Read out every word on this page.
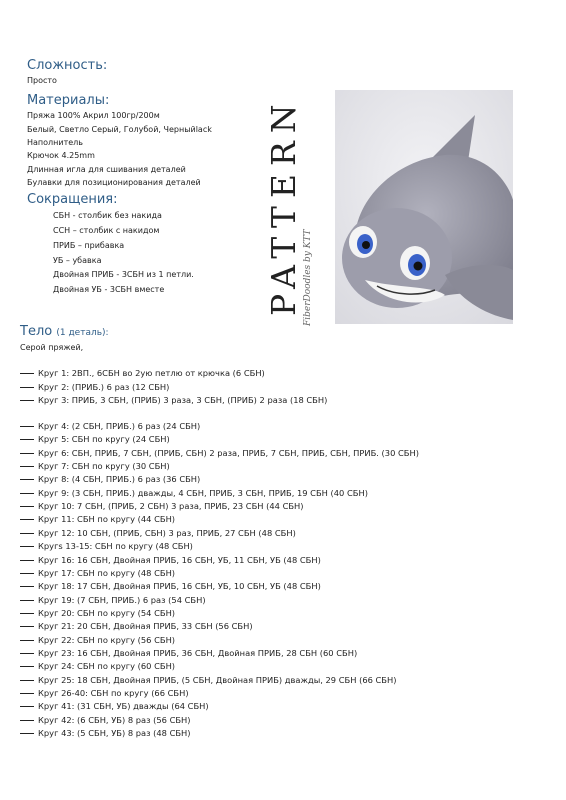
Сложность:
Просто
Материалы:
Пряжа 100% Акрил 100гр/200м
Белый, Светло Серый, Голубой, Черныйlack
Наполнитель
Крючок 4.25mm
Длинная игла для сшивания деталей
Булавки для позиционирования деталей
Сокращения:
СБН - столбик без накида
ССН – столбик с накидом
ПРИБ – прибавка
УБ – убавка
Двойная ПРИБ - 3СБН из 1 петли.
Двойная УБ - 3СБН вместе	PATTERN FiberDoodles by KTT
Тело (1 деталь):
Серой пряжей,
Круг 1: 2ВП., 6СБН во 2ую петлю от крючка (6 СБН)
Круг 2: (ПРИБ.) 6 раз (12 СБН)
Круг 3: ПРИБ, 3 СБН, (ПРИБ) 3 раза, 3 СБН, (ПРИБ) 2 раза (18 СБН)
Круг 4: (2 СБН, ПРИБ.) 6 раз (24 СБН)
Круг 5: СБН по кругу (24 СБН)
Круг 6: СБН, ПРИБ, 7 СБН, (ПРИБ, СБН) 2 раза, ПРИБ, 7 СБН, ПРИБ, СБН, ПРИБ. (30 СБН)
Круг 7: СБН по кругу (30 СБН)
Круг 8: (4 СБН, ПРИБ.) 6 раз (36 СБН)
Круг 9: (3 СБН, ПРИБ.) дважды, 4 СБН, ПРИБ, 3 СБН, ПРИБ, 19 СБН (40 СБН)
Круг 10: 7 СБН, (ПРИБ, 2 СБН) 3 раза, ПРИБ, 23 СБН (44 СБН)
Круг 11: СБН по кругу (44 СБН)
Круг 12: 10 СБН, (ПРИБ, СБН) 3 раз, ПРИБ, 27 СБН (48 СБН)
Кругs 13-15: СБН по кругу (48 СБН)
Круг 16: 16 СБН, Двойная ПРИБ, 16 СБН, УБ, 11 СБН, УБ (48 СБН)
Круг 17: СБН по кругу (48 СБН)
Круг 18: 17 СБН, Двойная ПРИБ, 16 СБН, УБ, 10 СБН, УБ (48 СБН)
Круг 19: (7 СБН, ПРИБ.) 6 раз (54 СБН)
Круг 20: СБН по кругу (54 СБН)
Круг 21: 20 СБН, Двойная ПРИБ, 33 СБН (56 СБН)
Круг 22: СБН по кругу (56 СБН)
Круг 23: 16 СБН, Двойная ПРИБ, 36 СБН, Двойная ПРИБ, 28 СБН (60 СБН)
Круг 24: СБН по кругу (60 СБН)
Круг 25: 18 СБН, Двойная ПРИБ, (5 СБН, Двойная ПРИБ) дважды, 29 СБН (66 СБН)
Круг 26-40: СБН по кругу (66 СБН)
Круг 41: (31 СБН, УБ) дважды (64 СБН)
Круг 42: (6 СБН, УБ) 8 раз (56 СБН)
Круг 43: (5 СБН, УБ) 8 раз (48 СБН)
